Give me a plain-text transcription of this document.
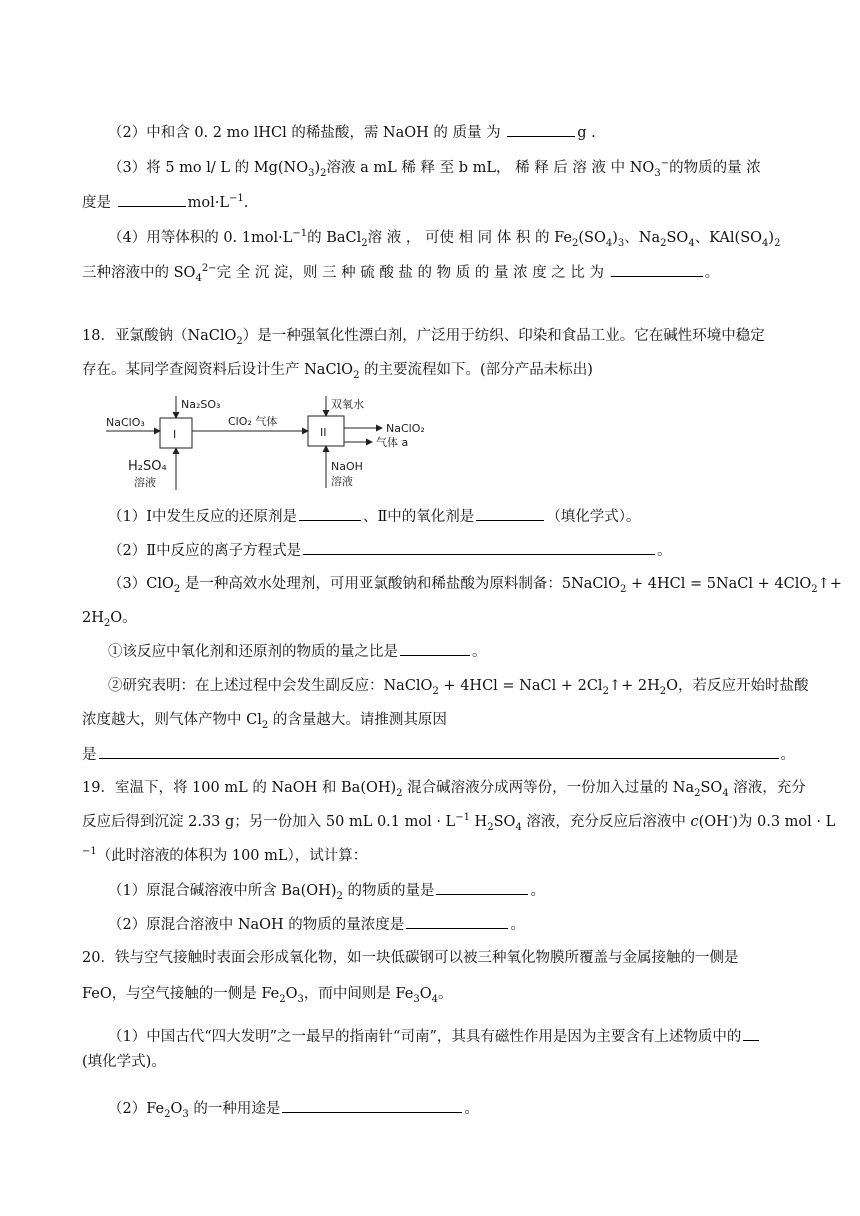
（2）中和含 0. 2 mo lHCl 的稀盐酸，需 NaOH 的 质量 为	g .
（3）将 5 mo l/ L 的 $Mg(NO_3)_2$溶液 a mL 稀 释 至 b mL， 稀 释 后 溶 液 中 $NO_3^-$的物质的量 浓
度是	$mol\cdot L^{-1}$.
（4）用等体积的 0. $1mol\cdot L^{-1}$的 BaCl$_2$溶 液 ， 可使 相 同 体 积 的 $Fe_2(SO_4)_3$、$Na_2SO_4$、$KAl(SO_4)_2$
三种溶液中的 $SO_4^{2-}$完 全 沉 淀，则 三 种 硫 酸 盐 的 物 质 的 量 浓 度 之 比 为	。
18．亚氯酸钠（NaClO$_2$）是一种强氧化性漂白剂，广泛用于纺织、印染和食品工业。它在碱性环境中稳定
存在。某同学查阅资料后设计生产 NaClO$_2$ 的主要流程如下。(部分产品未标出)
NaClO₃
I
Na₂SO₃
H₂SO₄
溶液
ClO₂ 气体
II
双氧水
NaOH
溶液
NaClO₂
气体 a
（1）Ⅰ中发生反应的还原剂是	、Ⅱ中的氧化剂是	（填化学式）。
（2）Ⅱ中反应的离子方程式是	。
（3）ClO$_2$ 是一种高效水处理剂，可用亚氯酸钠和稀盐酸为原料制备：5NaClO$_2$ + 4HCl = 5NaCl + 4ClO$_2$↑+
$2H_2O$。
①该反应中氧化剂和还原剂的物质的量之比是	。
②研究表明：在上述过程中会发生副反应：NaClO$_2$ + 4HCl = NaCl + $2Cl_2↑+ 2H_2O$，若反应开始时盐酸
浓度越大，则气体产物中 $Cl_2$ 的含量越大。请推测其原因
是	。
19．室温下，将 100 mL 的 NaOH 和 $Ba(OH)_2$ 混合碱溶液分成两等份，一份加入过量的 $Na_2SO_4$ 溶液，充分
反应后得到沉淀 2.33 g；另一份加入 50 mL 0.1 mol · $L^{-1}$ $H_2SO_4$ 溶液，充分反应后溶液中 c(OH-)为 0.3 mol · L
$^{-1}$（此时溶液的体积为 100 mL），试计算：
（1）原混合碱溶液中所含 $Ba(OH)_2$ 的物质的量是	。
（2）原混合溶液中 NaOH 的物质的量浓度是	。
20．铁与空气接触时表面会形成氧化物，如一块低碳钢可以被三种氧化物膜所覆盖与金属接触的一侧是
FeO，与空气接触的一侧是 $Fe_2O_3$，而中间则是 $Fe_3O_4$。
（1）中国古代“四大发明”之一最早的指南针“司南”，其具有磁性作用是因为主要含有上述物质中的
(填化学式)。
$(2)Fe_2O_3$ 的一种用途是	。
